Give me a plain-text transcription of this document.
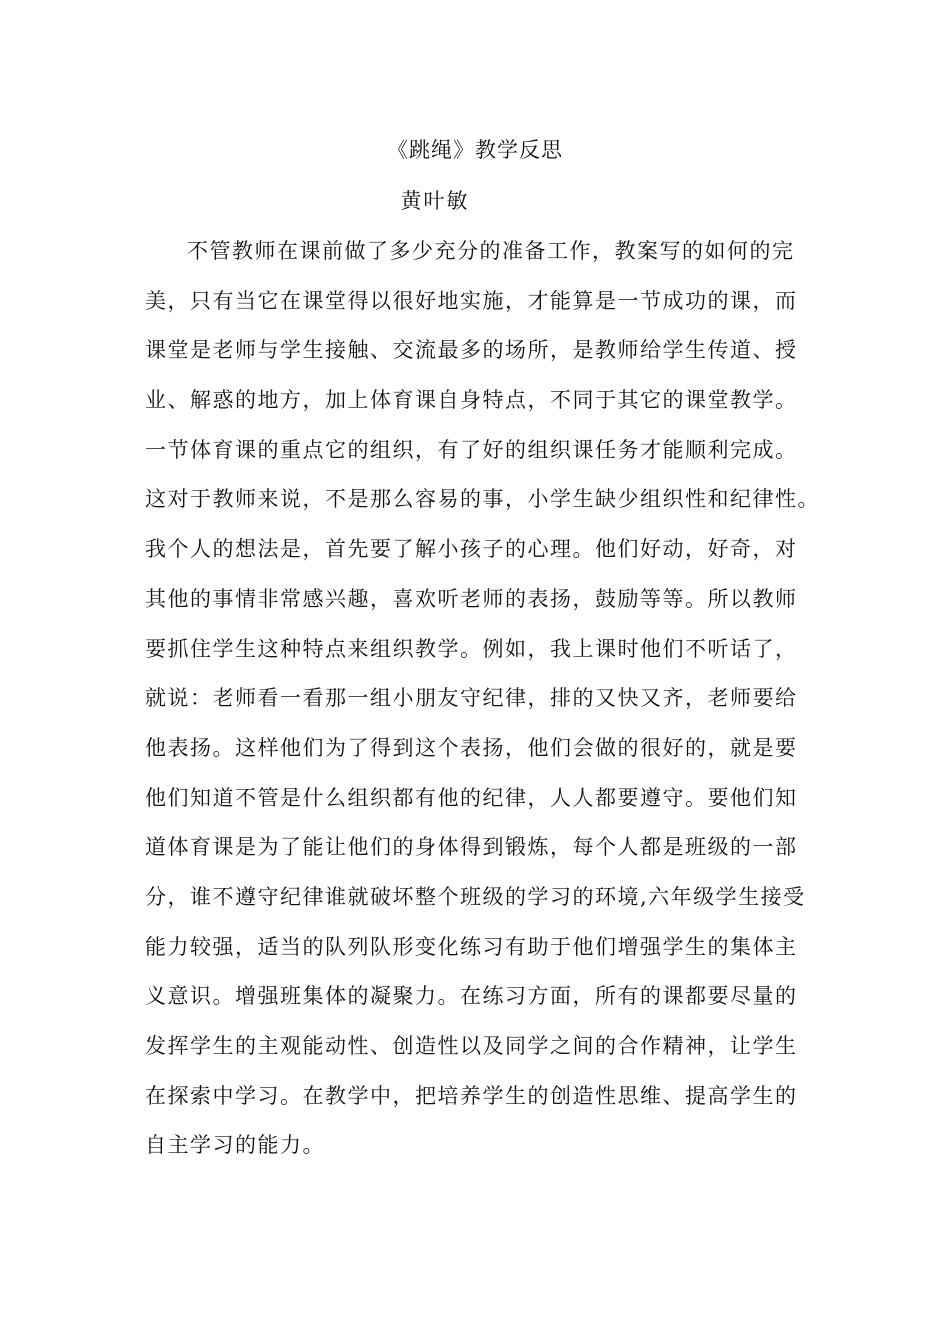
《跳绳》教学反思
黄叶敏
不管教师在课前做了多少充分的准备工作，教案写的如何的完
美，只有当它在课堂得以很好地实施，才能算是一节成功的课，而
课堂是老师与学生接触、交流最多的场所，是教师给学生传道、授
业、解惑的地方，加上体育课自身特点，不同于其它的课堂教学。
一节体育课的重点它的组织，有了好的组织课任务才能顺利完成。
这对于教师来说，不是那么容易的事，小学生缺少组织性和纪律性。
我个人的想法是，首先要了解小孩子的心理。他们好动，好奇，对
其他的事情非常感兴趣，喜欢听老师的表扬，鼓励等等。所以教师
要抓住学生这种特点来组织教学。例如，我上课时他们不听话了，
就说：老师看一看那一组小朋友守纪律，排的又快又齐，老师要给
他表扬。这样他们为了得到这个表扬，他们会做的很好的，就是要
他们知道不管是什么组织都有他的纪律，人人都要遵守。要他们知
道体育课是为了能让他们的身体得到锻炼，每个人都是班级的一部
分，谁不遵守纪律谁就破坏整个班级的学习的环境,六年级学生接受
能力较强，适当的队列队形变化练习有助于他们增强学生的集体主
义意识。增强班集体的凝聚力。在练习方面，所有的课都要尽量的
发挥学生的主观能动性、创造性以及同学之间的合作精神，让学生
在探索中学习。在教学中，把培养学生的创造性思维、提高学生的
自主学习的能力。
